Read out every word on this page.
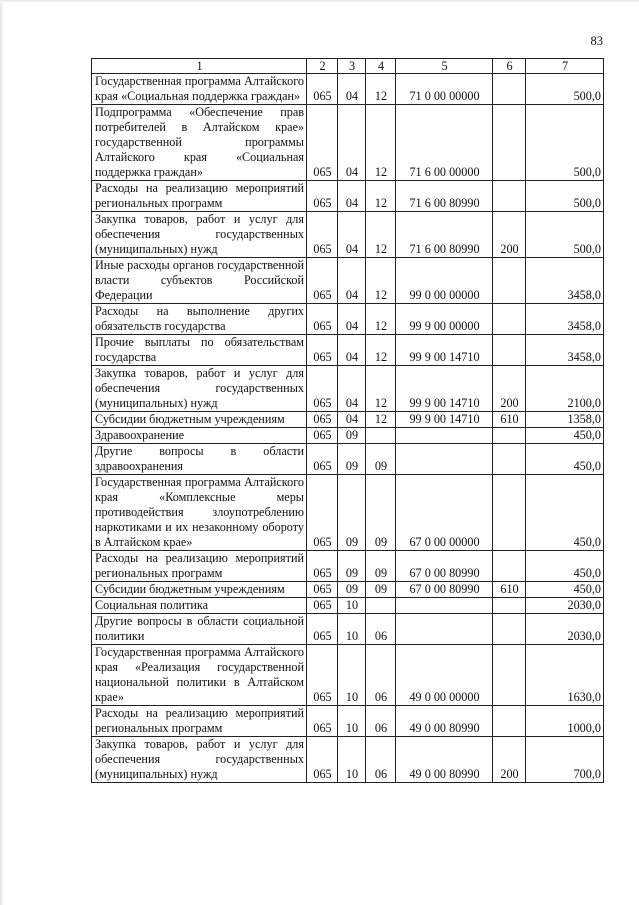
83
1	2	3	4	5	6	7
Государственная программа Алтайского края «Социальная поддержка граждан»	065	04	12	71 0 00 00000		500,0
Подпрограмма «Обеспечение прав потребителей в Алтайском крае» государственной программы Алтайского края «Социальная поддержка граждан»	065	04	12	71 6 00 00000		500,0
Расходы на реализацию мероприятий региональных программ	065	04	12	71 6 00 80990		500,0
Закупка товаров, работ и услуг для обеспечения государственных (муниципальных) нужд	065	04	12	71 6 00 80990	200	500,0
Иные расходы органов государственной власти субъектов Российской Федерации	065	04	12	99 0 00 00000		3458,0
Расходы на выполнение других обязательств государства	065	04	12	99 9 00 00000		3458,0
Прочие выплаты по обязательствам государства	065	04	12	99 9 00 14710		3458,0
Закупка товаров, работ и услуг для обеспечения государственных (муниципальных) нужд	065	04	12	99 9 00 14710	200	2100,0
Субсидии бюджетным учреждениям	065	04	12	99 9 00 14710	610	1358,0
Здравоохранение	065	09				450,0
Другие вопросы в области здравоохранения	065	09	09			450,0
Государственная программа Алтайского края «Комплексные меры противодействия злоупотреблению наркотиками и их незаконному обороту в Алтайском крае»	065	09	09	67 0 00 00000		450,0
Расходы на реализацию мероприятий региональных программ	065	09	09	67 0 00 80990		450,0
Субсидии бюджетным учреждениям	065	09	09	67 0 00 80990	610	450,0
Социальная политика	065	10				2030,0
Другие вопросы в области социальной политики	065	10	06			2030,0
Государственная программа Алтайского края «Реализация государственной национальной политики в Алтайском крае»	065	10	06	49 0 00 00000		1630,0
Расходы на реализацию мероприятий региональных программ	065	10	06	49 0 00 80990		1000,0
Закупка товаров, работ и услуг для обеспечения государственных (муниципальных) нужд	065	10	06	49 0 00 80990	200	700,0
